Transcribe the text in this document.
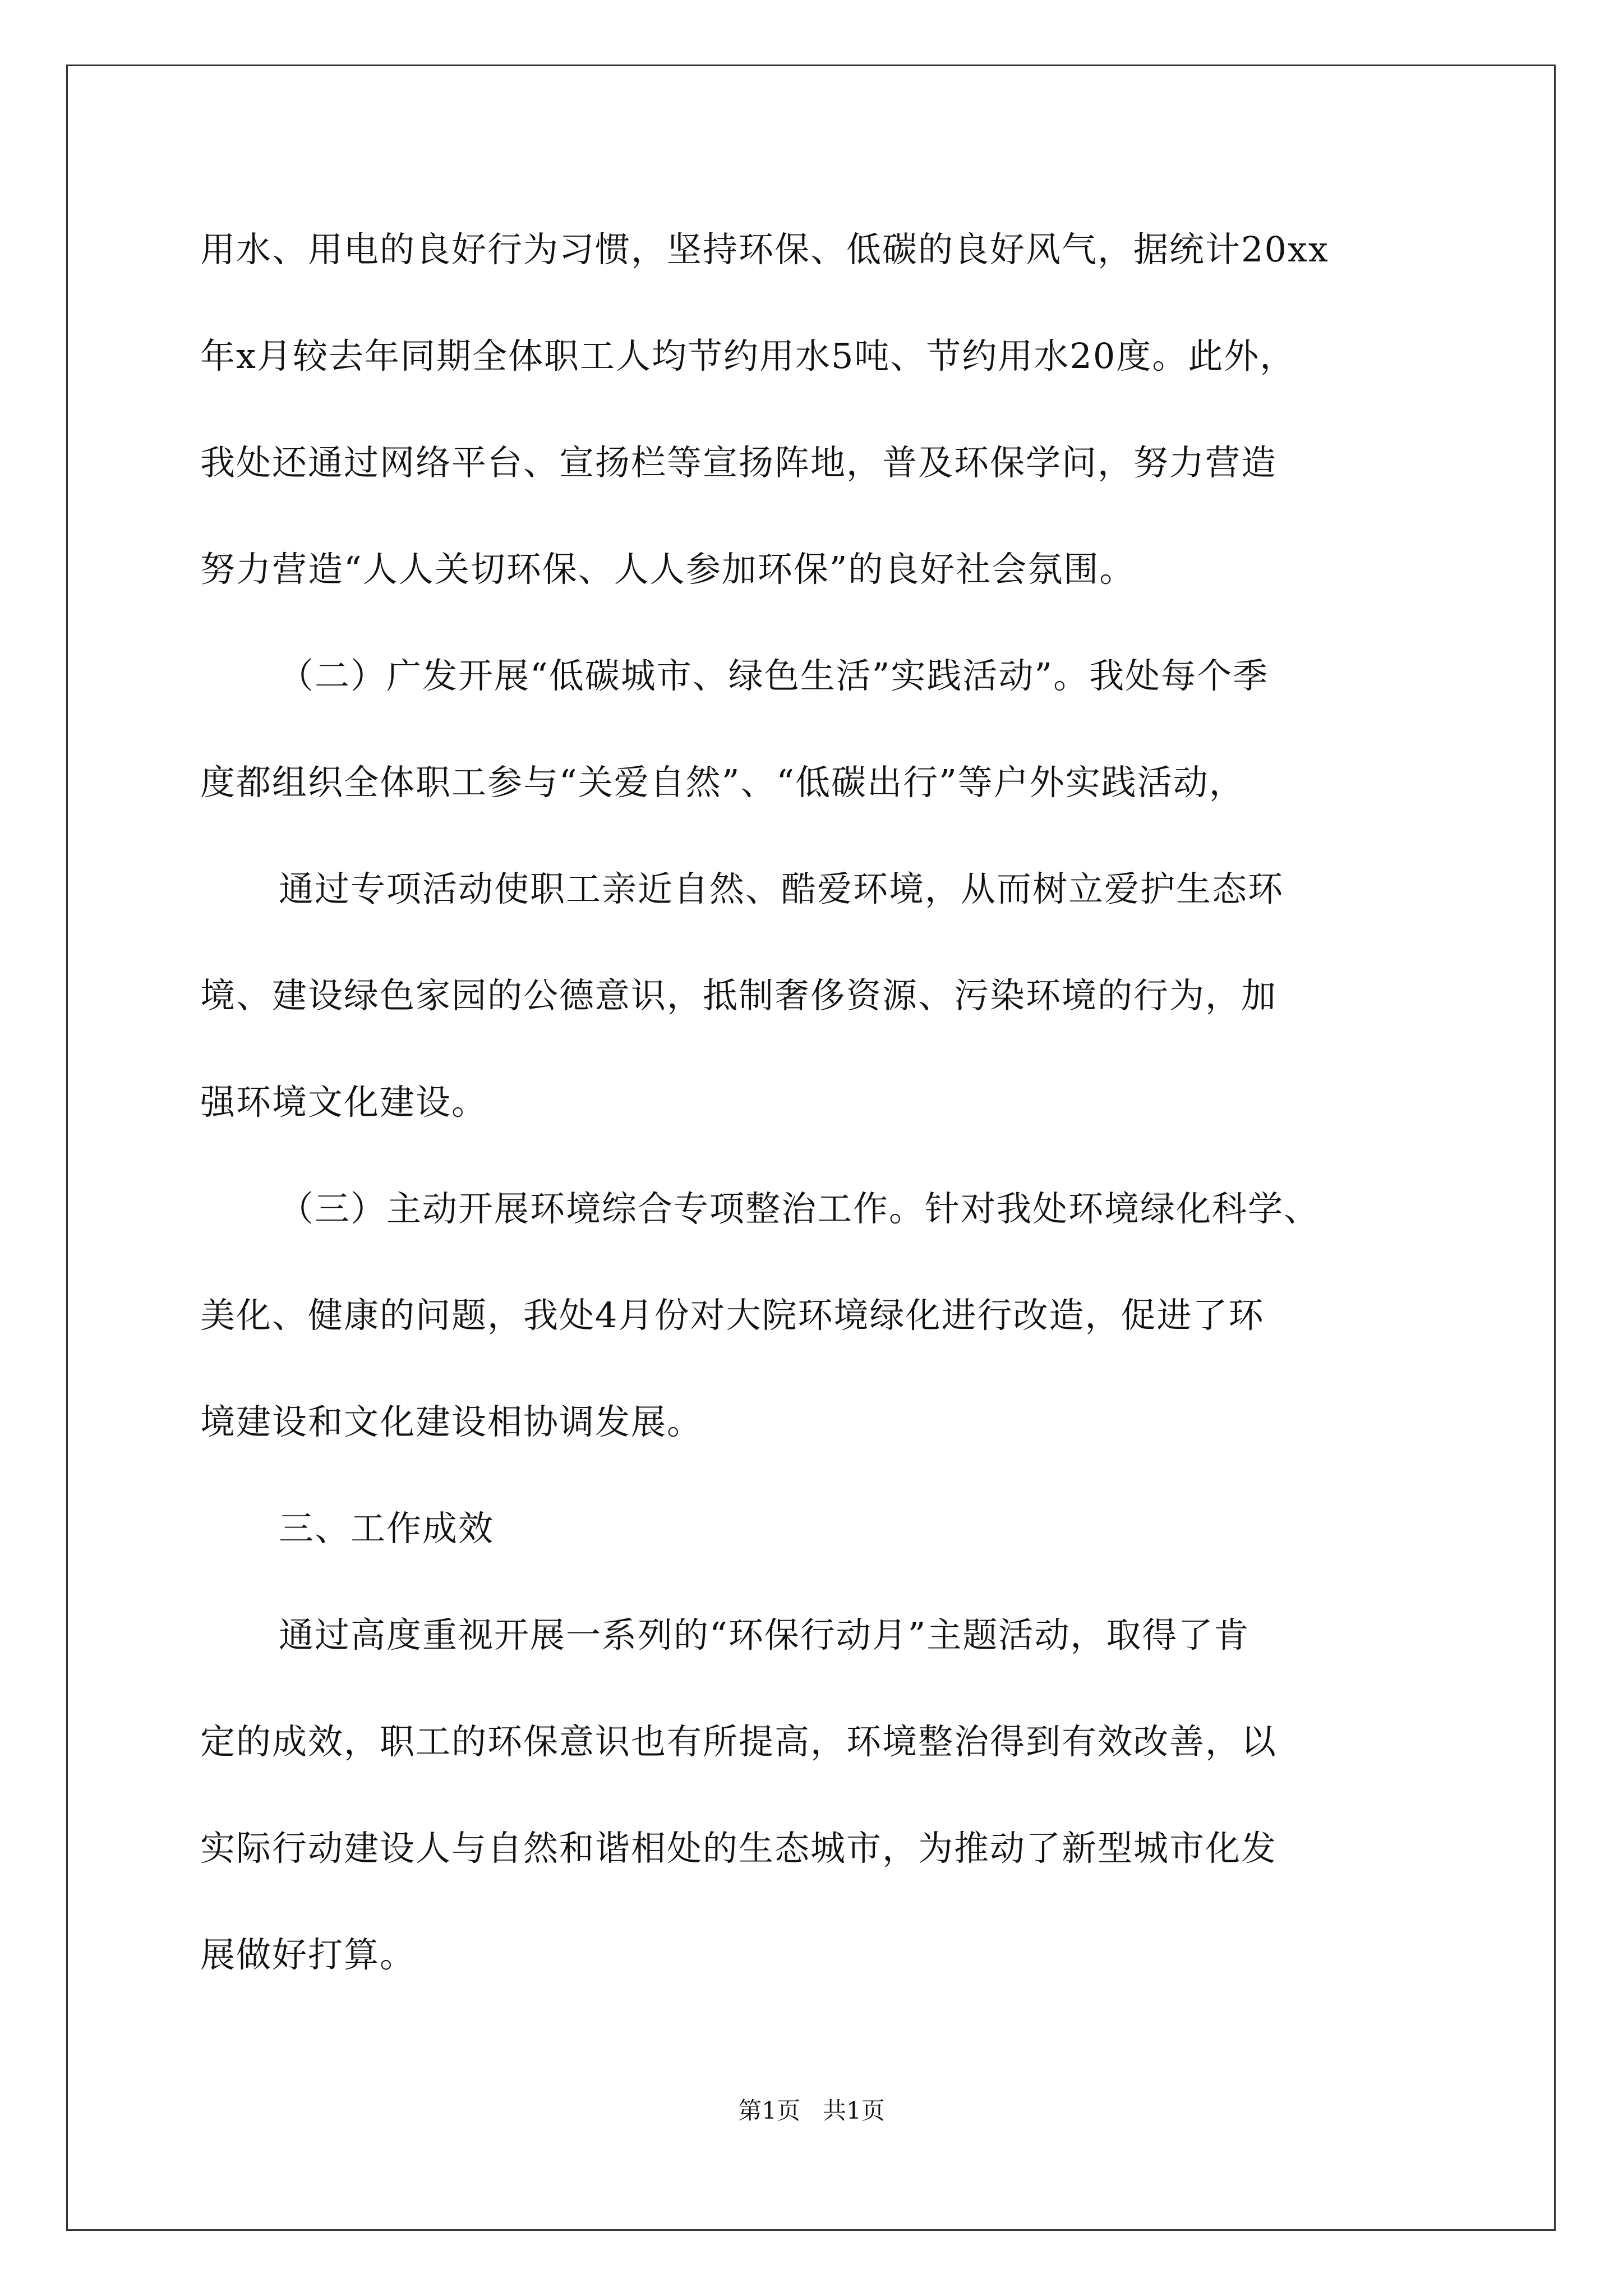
用水、用电的良好行为习惯，坚持环保、低碳的良好风气，据统计20xx
年x月较去年同期全体职工人均节约用水5吨、节约用水20度。此外，
我处还通过网络平台、宣扬栏等宣扬阵地，普及环保学问，努力营造
努力营造“人人关切环保、人人参加环保”的良好社会氛围。
（二）广发开展“低碳城市、绿色生活”实践活动”。我处每个季
度都组织全体职工参与“关爱自然”、“低碳出行”等户外实践活动，
通过专项活动使职工亲近自然、酷爱环境，从而树立爱护生态环
境、建设绿色家园的公德意识，抵制奢侈资源、污染环境的行为，加
强环境文化建设。
（三）主动开展环境综合专项整治工作。针对我处环境绿化科学、
美化、健康的问题，我处4月份对大院环境绿化进行改造，促进了环
境建设和文化建设相协调发展。
三、工作成效
通过高度重视开展一系列的“环保行动月”主题活动，取得了肯
定的成效，职工的环保意识也有所提高，环境整治得到有效改善，以
实际行动建设人与自然和谐相处的生态城市，为推动了新型城市化发
展做好打算。
第1页   共1页
